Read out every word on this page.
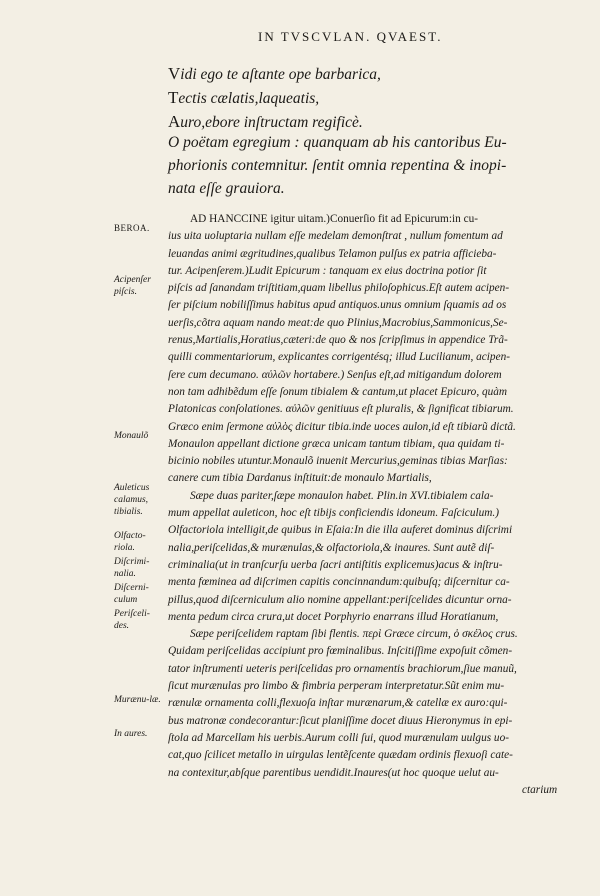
IN TVSCVLAN. QVAEST.
Vidi ego te aſtante ope barbarica,
Tectis cælatis,laqueatis,
Auro,ebore inſtructam regificè.
O poëtam egregium : quanquam ab his cantoribus Eu-
phorionis contemnitur. ſentit omnia repentina & inopi-
nata eſſe grauiora.
AD HANCCINE igitur uitam.)Conuerſio fit ad Epicurum:in cu-
ius uita uoluptaria nullam eſſe medelam demonſtrat , nullum fomentum ad
leuandas animi ægritudines,qualibus Telamon pulſus ex patria afficieba-
tur. Acipenſerem.)Ludit Epicurum : tanquam ex eius doctrina potior ſit
piſcis ad ſanandam triſtitiam,quam libellus philoſophicus.Eſt autem acipen-
ſer piſcium nobiliſſimus habitus apud antiquos.unus omnium ſquamis ad os
uerſis,cõtra aquam nando meat:de quo Plinius,Macrobius,Sammonicus,Se-
renus,Martialis,Horatius,cæteri:de quo & nos ſcripſimus in appendice Trã-
quilli commentariorum, explicantes corrigentésq; illud Lucilianum, acipen-
ſere cum decumano. αὐλῶν hortabere.) Senſus eſt,ad mitigandum dolorem
non tam adhibẽdum eſſe ſonum tibialem & cantum,ut placet Epicuro, quàm
Platonicas conſolationes. αὐλῶν genitiuus eſt pluralis, & ſignificat tibiarum.
Græco enim ſermone αὐλὸς dicitur tibia.inde uoces aulon,id eſt tibiarũ dictã.
Monaulon appellant dictione græca unicam tantum tibiam, qua quidam ti-
bicinio nobiles utuntur.Monaulõ inuenit Mercurius,geminas tibias Marſias:
canere cum tibia Dardanus inſtituit:de monaulo Martialis,
Sæpe duas pariter,ſæpe monaulon habet. Plin.in XVI.tibialem cala-
mum appellat auleticon, hoc eſt tibijs conficiendis idoneum. Faſciculum.)
Olfactoriola intelligit,de quibus in Eſaia:In die illa auferet dominus diſcrimi
nalia,periſcelidas,& murænulas,& olfactoriola,& inaures. Sunt autẽ diſ-
criminalia(ut in tranſcurſu uerba ſacri antiſtitis explicemus)acus & inſtru-
menta fœminea ad diſcrimen capitis concinnandum:quibuſq; diſcernitur ca-
pillus,quod diſcerniculum alio nomine appellant:periſcelides dicuntur orna-
menta pedum circa crura,ut docet Porphyrio enarrans illud Horatianum,
Sæpe periſcelidem raptam ſibi flentis. περὶ Græce circum, ὁ σκέλος crus.
Quidam periſcelidas accipiunt pro fœminalibus. Inſcitiſſime expoſuit cõmen-
tator inſtrumenti ueteris periſcelidas pro ornamentis brachiorum,ſiue manuũ,
ſicut murænulas pro limbo & fimbria perperam interpretatur.Sũt enim mu-
rænulæ ornamenta colli,flexuoſa inſtar murænarum,& catellæ ex auro:qui-
bus matronæ condecorantur:ſicut planiſſime docet diuus Hieronymus in epi-
ſtola ad Marcellam his uerbis.Aurum colli ſui, quod murænulam uulgus uo-
cat,quo ſcilicet metallo in uirgulas lentẽſcente quædam ordinis flexuoſi cate-
na contexitur,abſque parentibus uendidit.Inaures(ut hoc quoque uelut au-
ctarium
BEROA.
Acipenſer piſcis.
Monaulõ
Auleticus calamus, tibialis.
Olfacto-riola.
Diſcrimi-nalia.
Diſcerni-culum
Periſceli-des.
Murænu-læ.
In aures.
